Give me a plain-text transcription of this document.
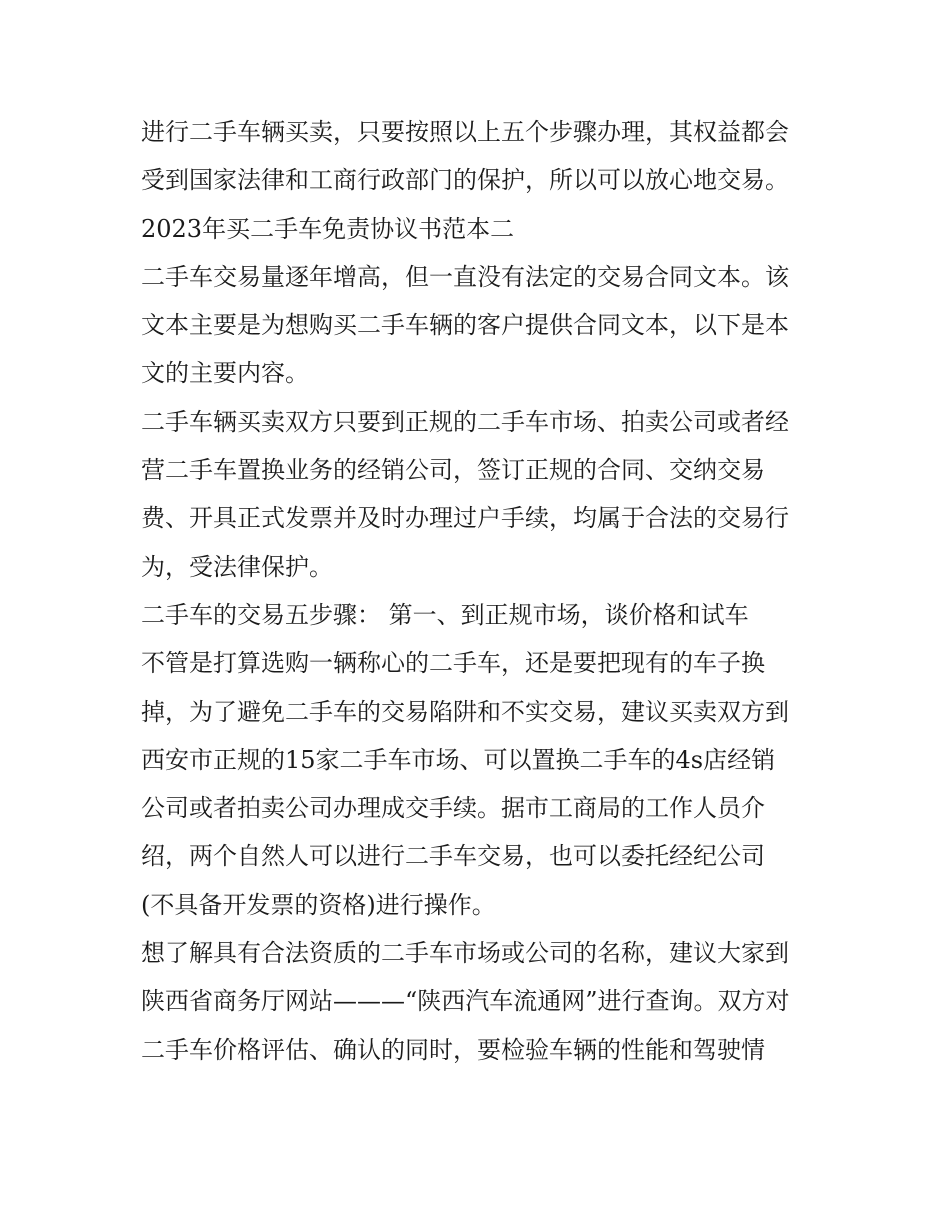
进行二手车辆买卖，只要按照以上五个步骤办理，其权益都会

受到国家法律和工商行政部门的保护，所以可以放心地交易。

2023年买二手车免责协议书范本二

二手车交易量逐年增高，但一直没有法定的交易合同文本。该

文本主要是为想购买二手车辆的客户提供合同文本，以下是本

文的主要内容。

二手车辆买卖双方只要到正规的二手车市场、拍卖公司或者经

营二手车置换业务的经销公司，签订正规的合同、交纳交易

费、开具正式发票并及时办理过户手续，均属于合法的交易行

为，受法律保护。

二手车的交易五步骤： 第一、到正规市场，谈价格和试车

不管是打算选购一辆称心的二手车，还是要把现有的车子换

掉，为了避免二手车的交易陷阱和不实交易，建议买卖双方到

西安市正规的15家二手车市场、可以置换二手车的4s店经销

公司或者拍卖公司办理成交手续。据市工商局的工作人员介

绍，两个自然人可以进行二手车交易，也可以委托经纪公司

(不具备开发票的资格)进行操作。

想了解具有合法资质的二手车市场或公司的名称，建议大家到

陕西省商务厅网站———“陕西汽车流通网”进行查询。双方对

二手车价格评估、确认的同时，要检验车辆的性能和驾驶情
